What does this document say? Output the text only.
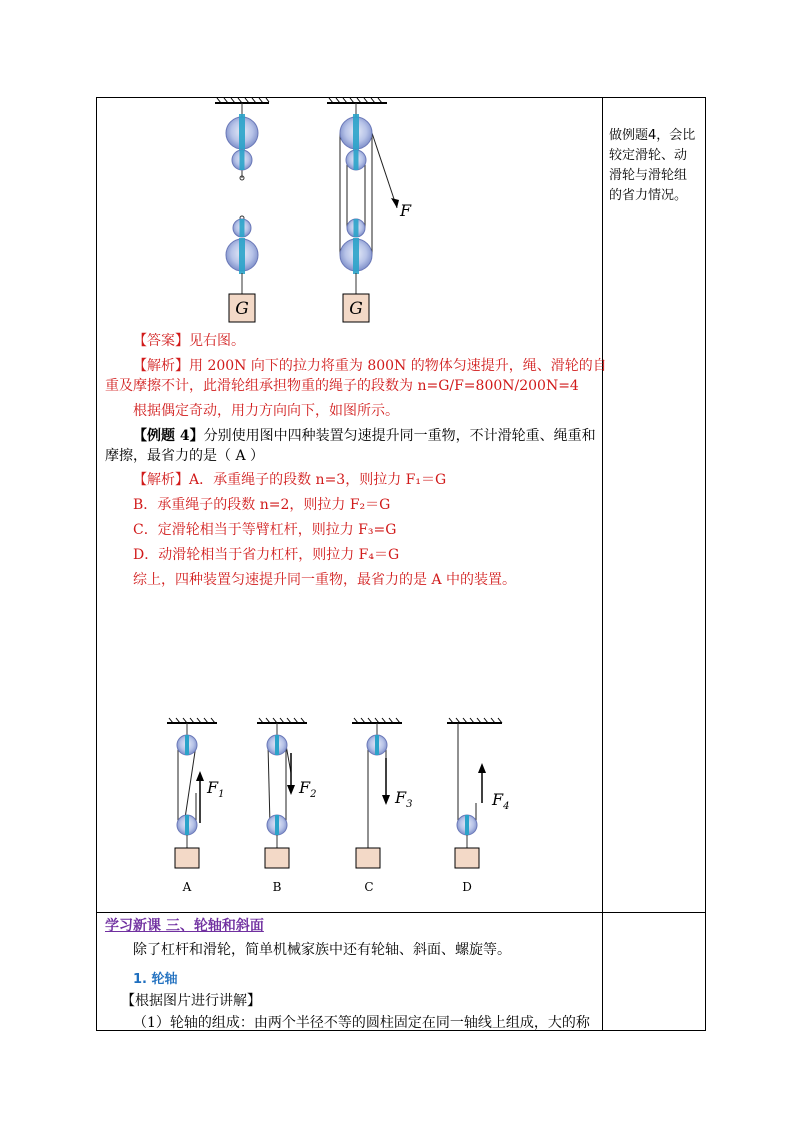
做例题4，会比较定滑轮、动滑轮与滑轮组的省力情况。
G
F
G
【答案】见右图。
【解析】用 200N 向下的拉力将重为 800N 的物体匀速提升，绳、滑轮的自
重及摩擦不计，此滑轮组承担物重的绳子的段数为 n=G/F=800N/200N=4
根据偶定奇动，用力方向向下，如图所示。
【例题 4】分别使用图中四种装置匀速提升同一重物，不计滑轮重、绳重和
摩擦，最省力的是（ A ）
【解析】A．承重绳子的段数 n=3，则拉力 F₁＝G
B．承重绳子的段数 n=2，则拉力 F₂＝G
C．定滑轮相当于等臂杠杆，则拉力 F₃=G
D．动滑轮相当于省力杠杆，则拉力 F₄＝G
综上，四种装置匀速提升同一重物，最省力的是 A 中的装置。
$F_1$
A
$F_2$
B
$F_3$
C
$F_4$
D
学习新课 三、轮轴和斜面
除了杠杆和滑轮，简单机械家族中还有轮轴、斜面、螺旋等。
1. 轮轴
【根据图片进行讲解】
（1）轮轴的组成：由两个半径不等的圆柱固定在同一轴线上组成，大的称
